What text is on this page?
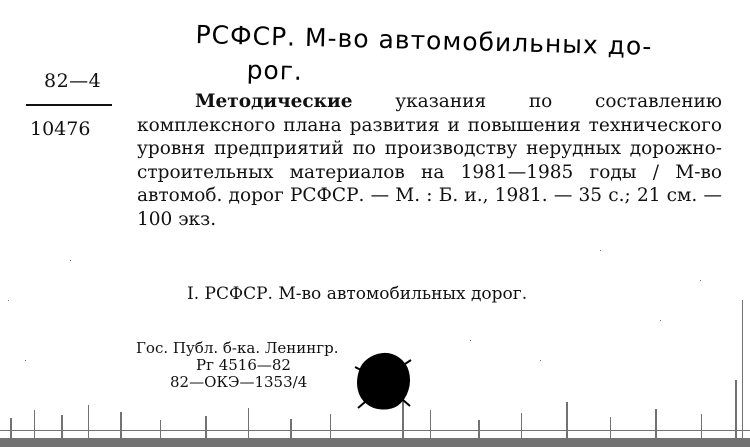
РСФСР. М-во автомобильных до-
рог.
82—4
10476
Методические указания по составлению комплексного плана развития и повышения технического уровня предприятий по производству нерудных дорожно-строительных материалов на 1981—1985 годы / М-во автомоб. дорог РСФСР. — М. : Б. и., 1981. — 35 с.; 21 см. — 100 экз.
I. РСФСР. М-во автомобильных дорог.
Гос. Публ. б-ка. Ленингр.
Рг 4516—82
82—ОКЭ—1353/4
